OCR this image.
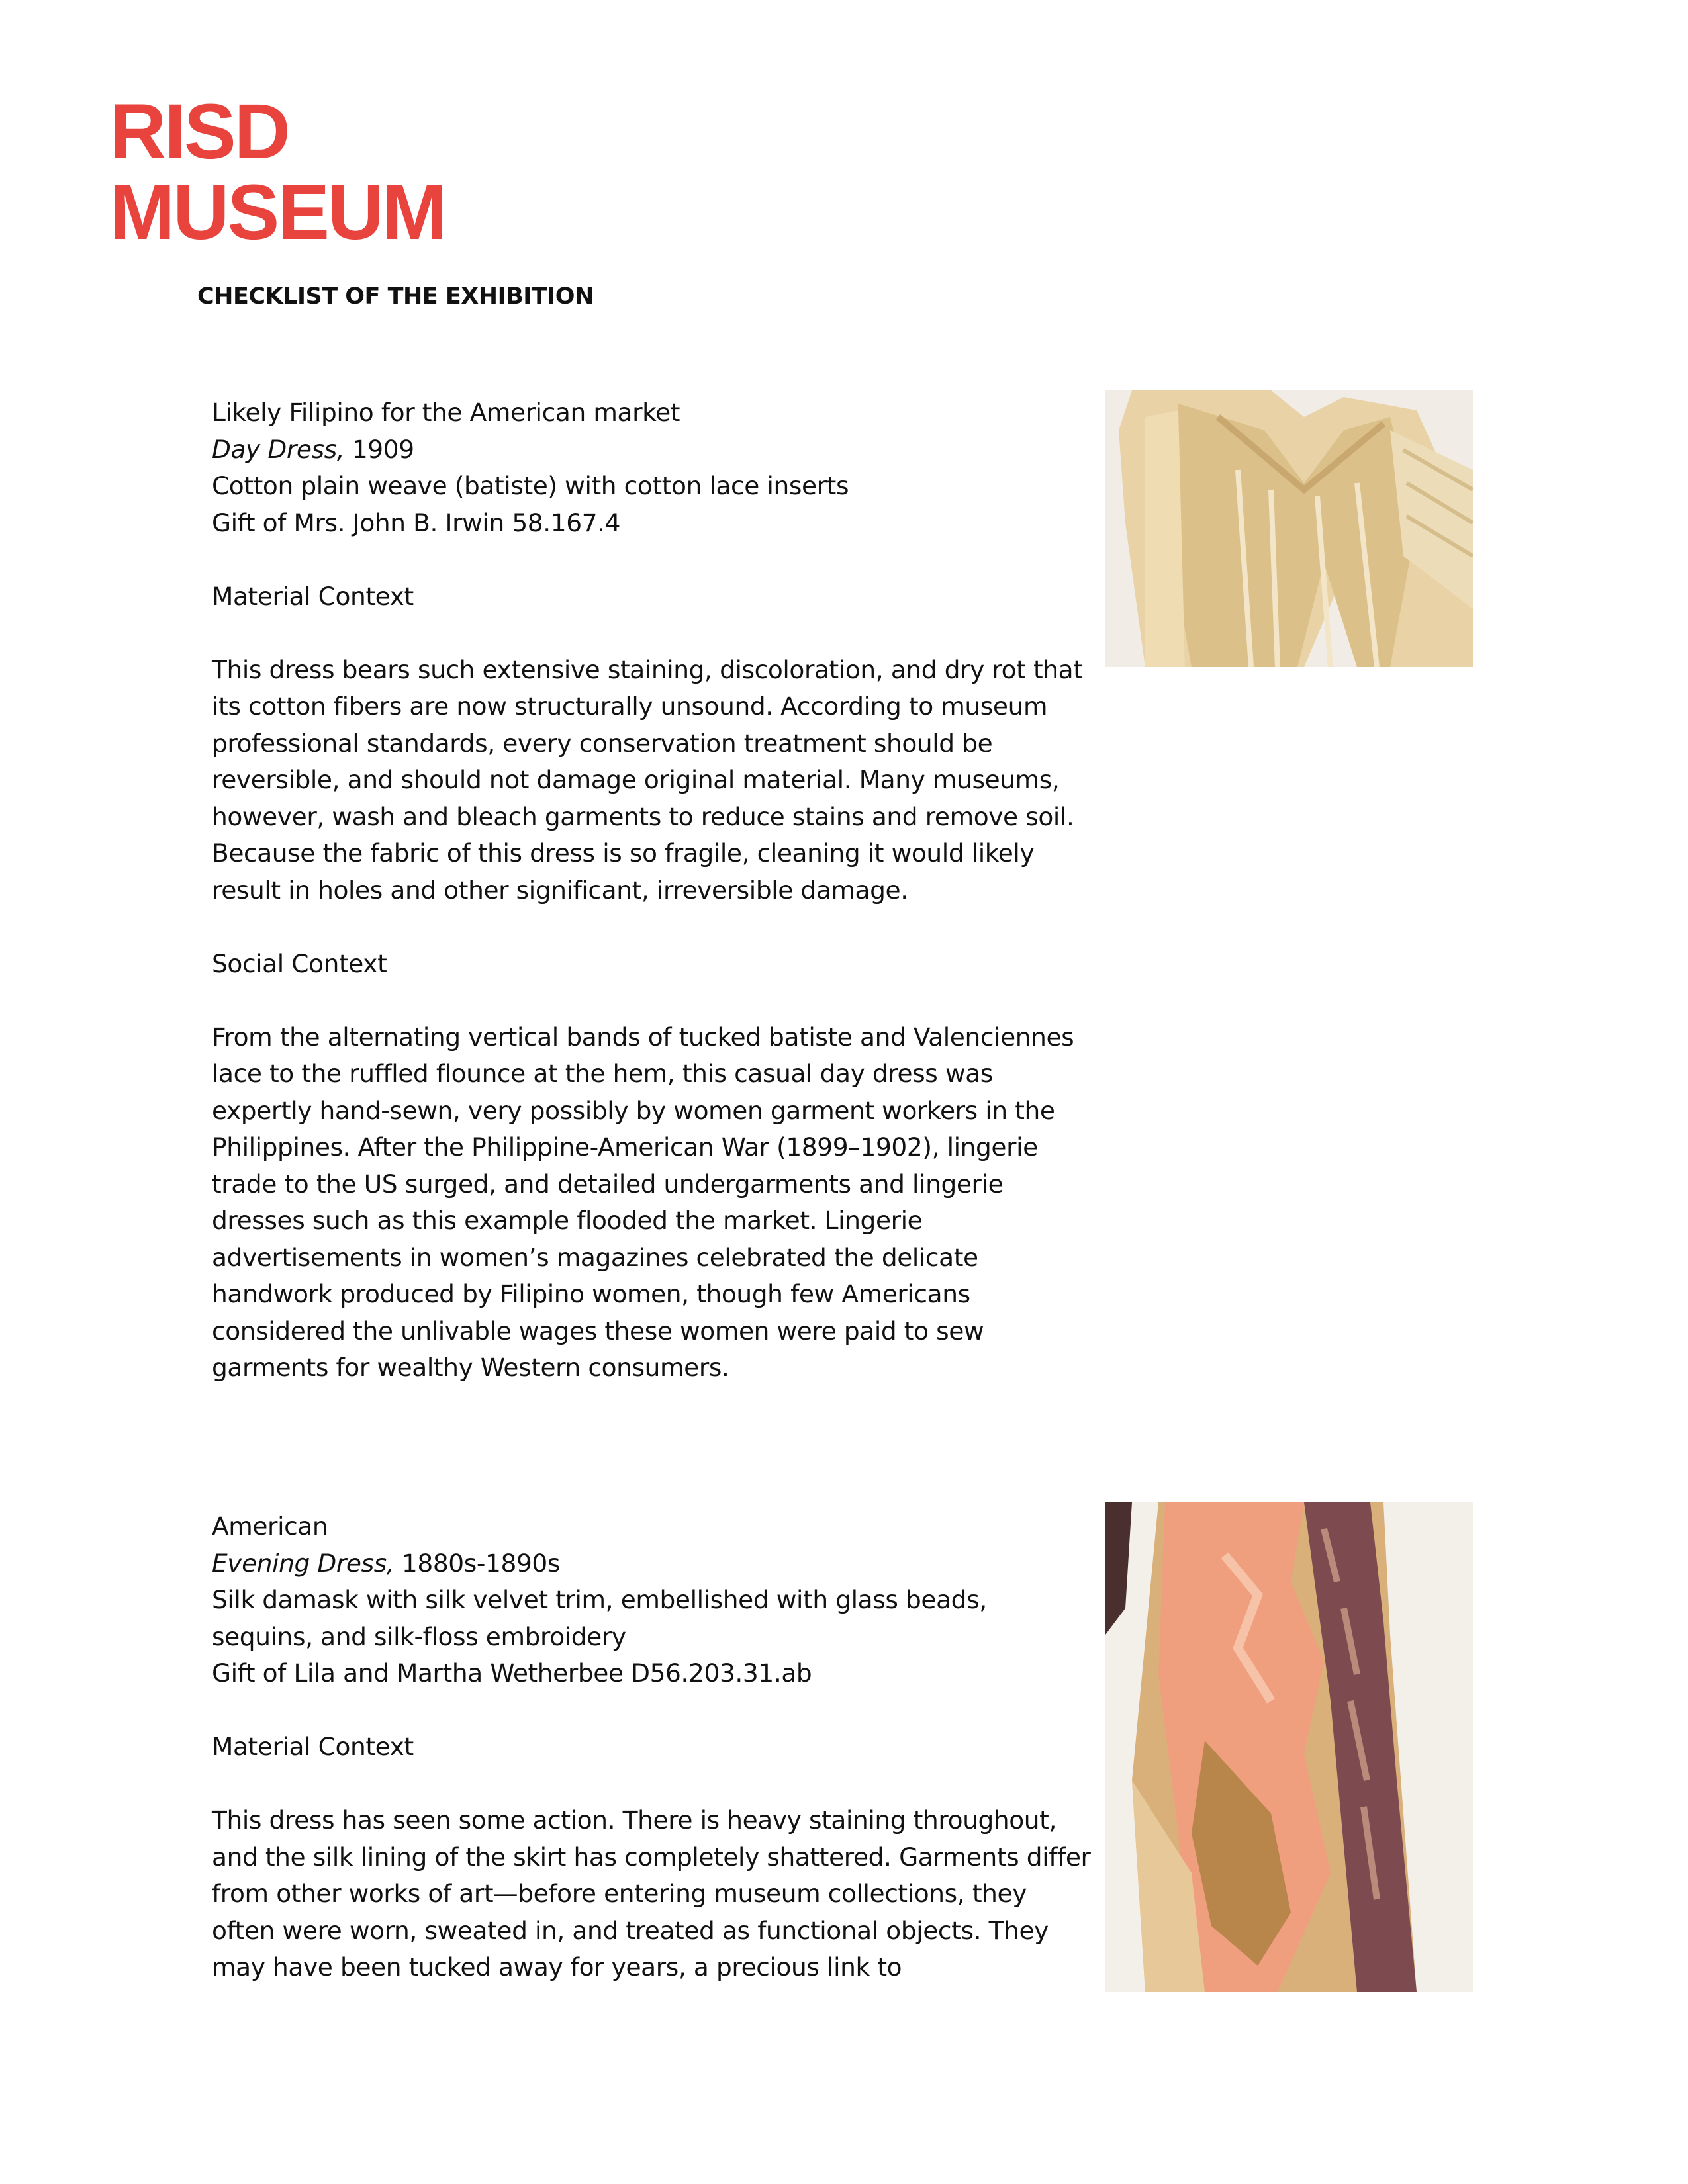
RISD
MUSEUM
CHECKLIST OF THE EXHIBITION

Likely Filipino for the American market

Day Dress, 1909

Cotton plain weave (batiste) with cotton lace inserts

Gift of Mrs. John B. Irwin 58.167.4

Material Context

This dress bears such extensive staining, discoloration, and dry rot that its cotton fibers are now structurally unsound. According to museum professional standards, every conservation treatment should be reversible, and should not damage original material. Many museums, however, wash and bleach garments to reduce stains and remove soil. Because the fabric of this dress is so fragile, cleaning it would likely result in holes and other significant, irreversible damage.

Social Context

From the alternating vertical bands of tucked batiste and Valenciennes lace to the ruffled flounce at the hem, this casual day dress was expertly hand-sewn, very possibly by women garment workers in the Philippines. After the Philippine-American War (1899–1902), lingerie trade to the US surged, and detailed undergarments and lingerie dresses such as this example flooded the market. Lingerie advertisements in women’s magazines celebrated the delicate handwork produced by Filipino women, though few Americans considered the unlivable wages these women were paid to sew garments for wealthy Western consumers.

American

Evening Dress, 1880s-1890s

Silk damask with silk velvet trim, embellished with glass beads, sequins, and silk-floss embroidery

Gift of Lila and Martha Wetherbee D56.203.31.ab

Material Context

This dress has seen some action. There is heavy staining throughout, and the silk lining of the skirt has completely shattered. Garments differ from other works of art—before entering museum collections, they often were worn, sweated in, and treated as functional objects. They may have been tucked away for years, a precious link to
